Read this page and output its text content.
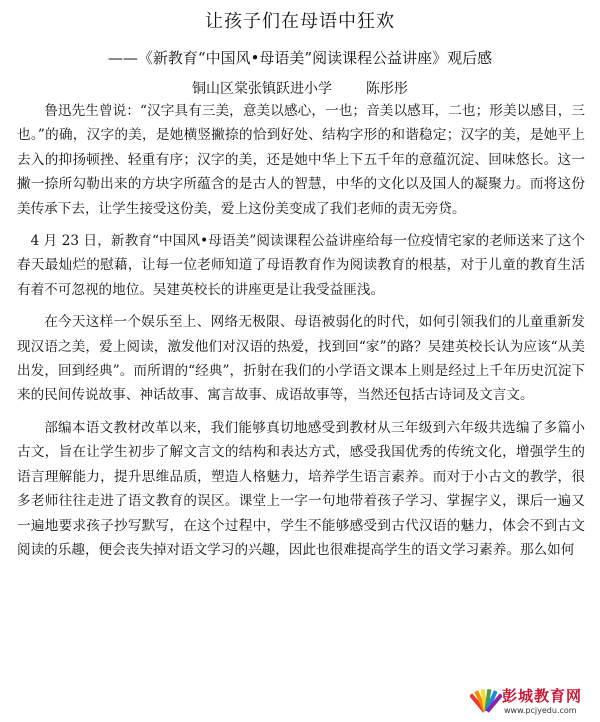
让孩子们在母语中狂欢
——《新教育“中国风•母语美”阅读课程公益讲座》观后感
铜山区棠张镇跃进小学 陈彤彤

鲁迅先生曾说：“汉字具有三美，意美以感心，一也；音美以感耳，二也；形美以感目，三也。”的确，汉字的美，是她横竖撇捺的恰到好处、结构字形的和谐稳定；汉字的美，是她平上去入的抑扬顿挫、轻重有序；汉字的美，还是她中华上下五千年的意蕴沉淀、回味悠长。这一撇一捺所勾勒出来的方块字所蕴含的是古人的智慧，中华的文化以及国人的凝聚力。而将这份美传承下去，让学生接受这份美，爱上这份美变成了我们老师的责无旁贷。

4 月 23 日，新教育“中国风•母语美”阅读课程公益讲座给每一位疫情宅家的老师送来了这个春天最灿烂的慰藉，让每一位老师知道了母语教育作为阅读教育的根基，对于儿童的教育生活有着不可忽视的地位。吴建英校长的讲座更是让我受益匪浅。

在今天这样一个娱乐至上、网络无极限、母语被弱化的时代，如何引领我们的儿童重新发现汉语之美，爱上阅读，激发他们对汉语的热爱，找到回“家”的路？吴建英校长认为应该“从美出发，回到经典”。而所谓的“经典”，折射在我们的小学语文课本上则是经过上千年历史沉淀下来的民间传说故事、神话故事、寓言故事、成语故事等，当然还包括古诗词及文言文。

部编本语文教材改革以来，我们能够真切地感受到教材从三年级到六年级共选编了多篇小古文，旨在让学生初步了解文言文的结构和表达方式，感受我国优秀的传统文化，增强学生的语言理解能力，提升思维品质，塑造人格魅力，培养学生语言素养。而对于小古文的教学，很多老师往往走进了语文教育的误区。课堂上一字一句地带着孩子学习、掌握字义，课后一遍又一遍地要求孩子抄写默写，在这个过程中，学生不能够感受到古代汉语的魅力，体会不到古文阅读的乐趣，便会丧失掉对语文学习的兴趣，因此也很难提高学生的语文学习素养。那么如何

彭城教育网
www.pcjyedu.com
